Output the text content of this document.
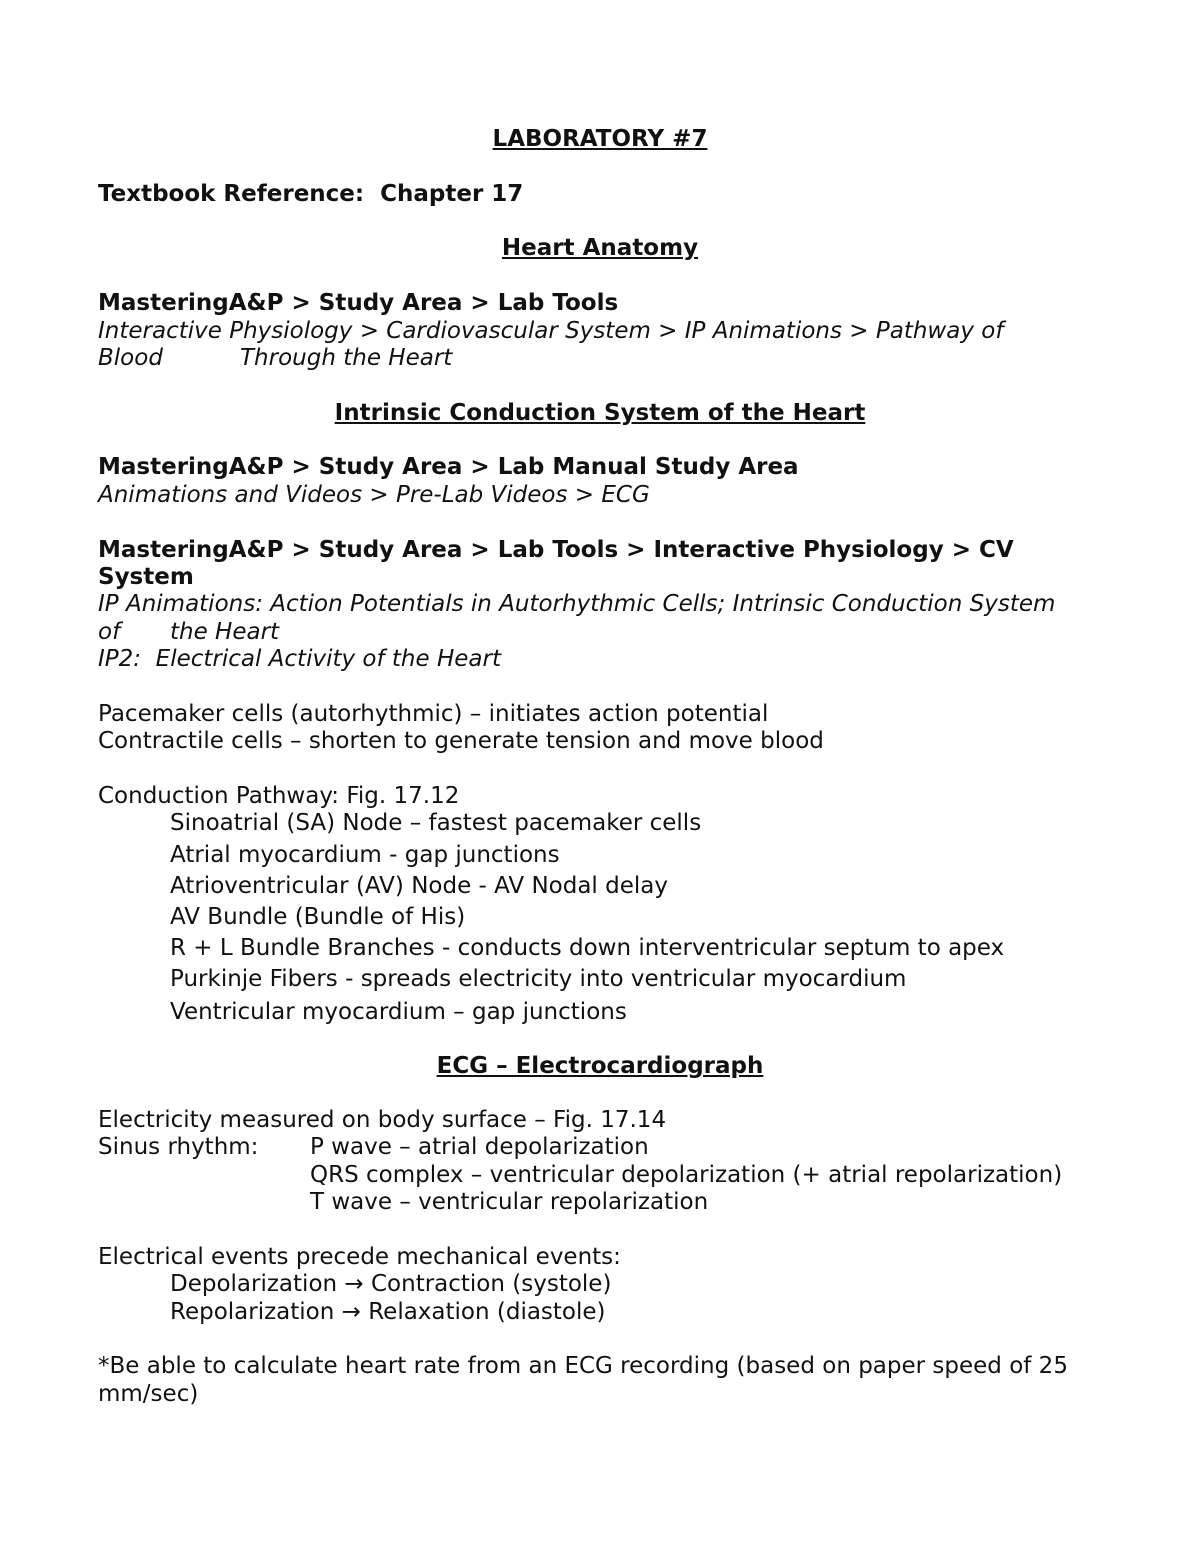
LABORATORY #7
Textbook Reference:  Chapter 17
Heart Anatomy
MasteringA&P > Study Area > Lab Tools
Interactive Physiology > Cardiovascular System > IP Animations > Pathway of
Blood	Through the Heart
Intrinsic Conduction System of the Heart
MasteringA&P > Study Area > Lab Manual Study Area
Animations and Videos > Pre-Lab Videos > ECG
MasteringA&P > Study Area > Lab Tools > Interactive Physiology > CV
System
IP Animations: Action Potentials in Autorhythmic Cells; Intrinsic Conduction System
of the Heart
IP2:  Electrical Activity of the Heart
Pacemaker cells (autorhythmic) – initiates action potential
Contractile cells – shorten to generate tension and move blood
Conduction Pathway: Fig. 17.12
Sinoatrial (SA) Node – fastest pacemaker cells
Atrial myocardium - gap junctions
Atrioventricular (AV) Node - AV Nodal delay
AV Bundle (Bundle of His)
R + L Bundle Branches - conducts down interventricular septum to apex
Purkinje Fibers - spreads electricity into ventricular myocardium
Ventricular myocardium – gap junctions
ECG – Electrocardiograph
Electricity measured on body surface – Fig. 17.14
Sinus rhythm: P wave – atrial depolarization
QRS complex – ventricular depolarization (+ atrial repolarization)
T wave – ventricular repolarization
Electrical events precede mechanical events:
Depolarization → Contraction (systole)
Repolarization → Relaxation (diastole)
*Be able to calculate heart rate from an ECG recording (based on paper speed of 25
mm/sec)
